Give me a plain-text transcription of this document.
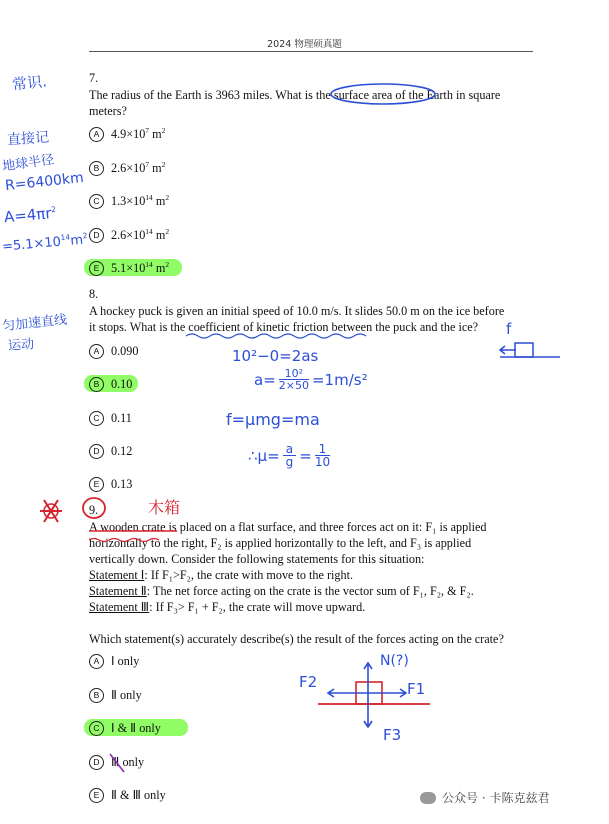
2024 物理硕真题
7.
The radius of the Earth is 3963 miles. What is the surface area of the Earth in square
meters?
A $4.9\times 10^7$ $m^2$
B $2.6\times 10^7$ $m^2$
C $1.3\times 10^{14}$ $m^2$
D $2.6\times 10^{14}$ $m^2$
E $5.1\times 10^{14}$ $m^2$
8.
A hockey puck is given an initial speed of 10.0 m/s. It slides 50.0 m on the ice before
it stops. What is the coefficient of kinetic friction between the puck and the ice?
A 0.090
B 0.10
C 0.11
D 0.12
E 0.13
9.
A wooden crate is placed on a flat surface, and three forces act on it: F₁ is applied
horizontally to the right, F₂ is applied horizontally to the left, and F₃ is applied
vertically down. Consider the following statements for this situation:
Statement Ⅰ: If F₁>F₂, the crate with move to the right.
Statement Ⅱ: The net force acting on the crate is the vector sum of F₁, F₂, & F₂.
Statement Ⅲ: If F₃> F₁ + F₂, the crate will move upward.
Which statement(s) accurately describe(s) the result of the forces acting on the crate?
A Ⅰ only
B Ⅱ only
C Ⅰ & Ⅱ only
D Ⅲ only
E Ⅱ & Ⅲ only
常识.
直接记
地球半径
R=6400km
$A=4\pi r^2$
$=5.1\times 10^{14}m^2$
匀加速直线
运动
f
10²−0=2as
$a= \frac{\text{10²}}{2\times 50} =1m/s^2$
f=μmg=ma
∴μ= $\frac{a}{g} = \frac{1}{10}$
木箱
N(?)
F2	F1
F3
公众号 · 卡陈克兹君
